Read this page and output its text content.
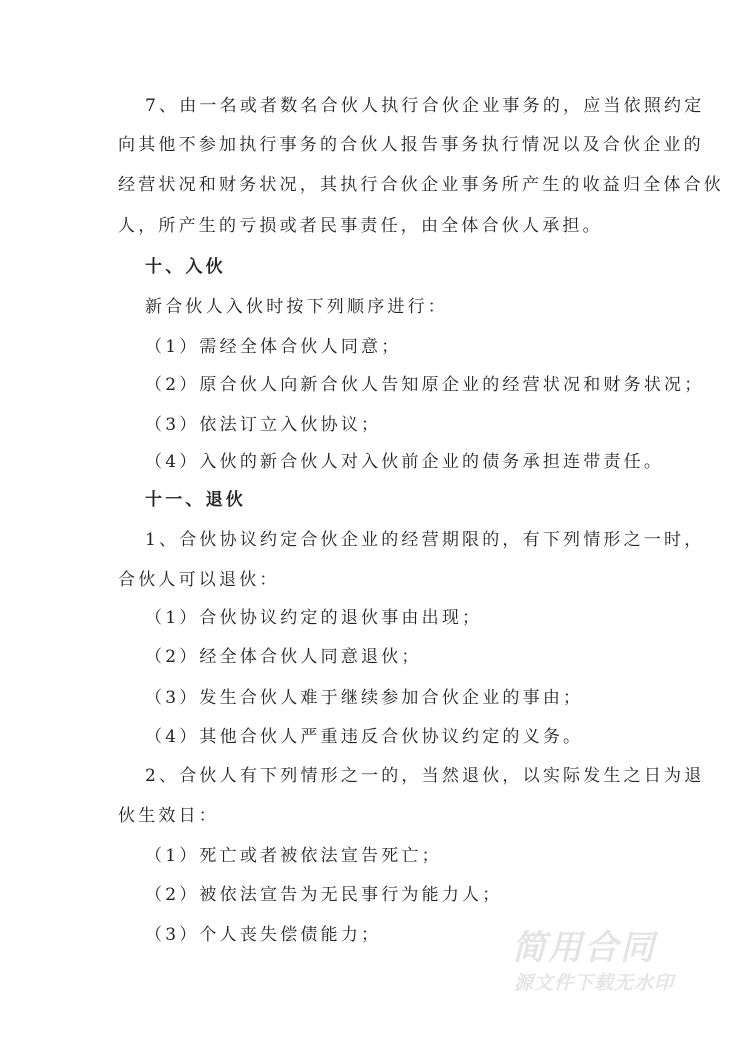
7、由一名或者数名合伙人执行合伙企业事务的，应当依照约定
向其他不参加执行事务的合伙人报告事务执行情况以及合伙企业的
经营状况和财务状况，其执行合伙企业事务所产生的收益归全体合伙
人，所产生的亏损或者民事责任，由全体合伙人承担。
十、入伙
新合伙人入伙时按下列顺序进行：
（1）需经全体合伙人同意；
（2）原合伙人向新合伙人告知原企业的经营状况和财务状况；
（3）依法订立入伙协议；
（4）入伙的新合伙人对入伙前企业的债务承担连带责任。
十一、退伙
1、合伙协议约定合伙企业的经营期限的，有下列情形之一时，
合伙人可以退伙：
（1）合伙协议约定的退伙事由出现；
（2）经全体合伙人同意退伙；
（3）发生合伙人难于继续参加合伙企业的事由；
（4）其他合伙人严重违反合伙协议约定的义务。
2、合伙人有下列情形之一的，当然退伙，以实际发生之日为退
伙生效日：
（1）死亡或者被依法宣告死亡；
（2）被依法宣告为无民事行为能力人；
（3）个人丧失偿债能力；	简用合同
源文件下载无水印
